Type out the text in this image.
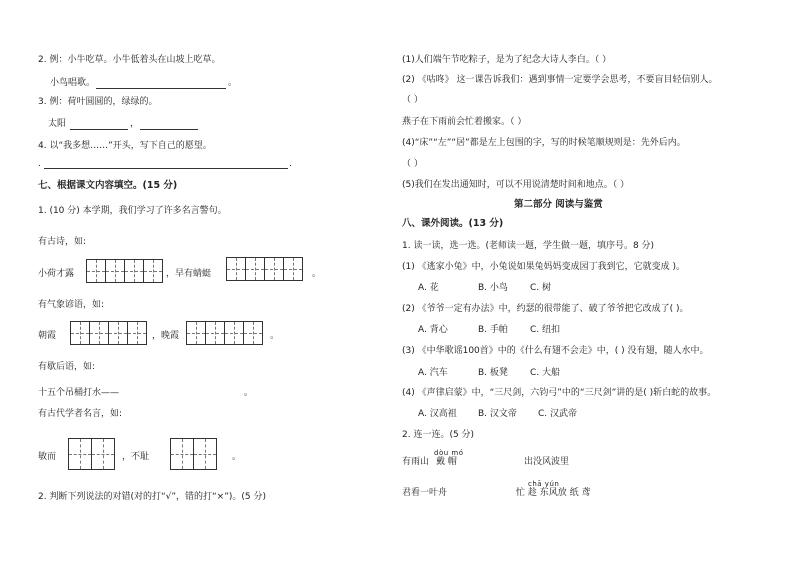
2. 例：小牛吃草。小牛低着头在山坡上吃草。
小鸟唱歌。	。
3. 例：荷叶圆圆的，绿绿的。
太阳	，
4. 以“我多想……”开头，写下自己的愿望。
.	.
七、根据课文内容填空。(15 分)
1. (10 分) 本学期，我们学习了许多名言警句。
有古诗，如:
小荷才露	，早有蜻蜓	。
有气象谚语，如:
朝霞	，晚霞	。
有歇后语，如:
十五个吊桶打水——	。
有古代学者名言，如:
敏而	，不耻	。
2. 判断下列说法的对错(对的打“√”，错的打“×”)。(5 分)
(1)人们端午节吃粽子，是为了纪念大诗人李白。（ ）
(2) 《咕咚》 这一课告诉我们：遇到事情一定要学会思考，不要盲目轻信别人。
（ ）
燕子在下雨前会忙着搬家。（ ）
(4)“床”“左”“居”都是左上包围的字，写的时候笔顺规则是：先外后内。
（ ）
(5)我们在发出通知时，可以不用说清楚时间和地点。（ ）
第二部分 阅读与鉴赏
八、课外阅读。(13 分)
1. 读一读，选一选。(老师读一题，学生做一题，填序号。8 分)
(1) 《逃家小兔》中，小兔说如果兔妈妈变成园丁我到它，它就变成 )。
A. 花	B. 小鸟 C. 树
(2) 《爷爷一定有办法》中，约瑟的很带能了、破了爷爷把它改成了( )。
A. 背心	B. 手帕 C. 纽扣
(3) 《中华歌谣100首》中的《什么有翅不会走》中，( ) 没有翅，随人水中。
A. 汽车	B. 板凳 C. 大船
(4) 《声律启蒙》中，“三尺剑，六钧弓”中的“三尺剑”讲的是( )斩白蛇的故事。
A. 汉高祖 B. 汉文帝 C. 汉武帝
2. 连一连。(5 分)
有雨山
dòu mó
戴 帽	出没风波里
君看一叶舟
chā yún
忙 趁 东风放 纸 鸢
